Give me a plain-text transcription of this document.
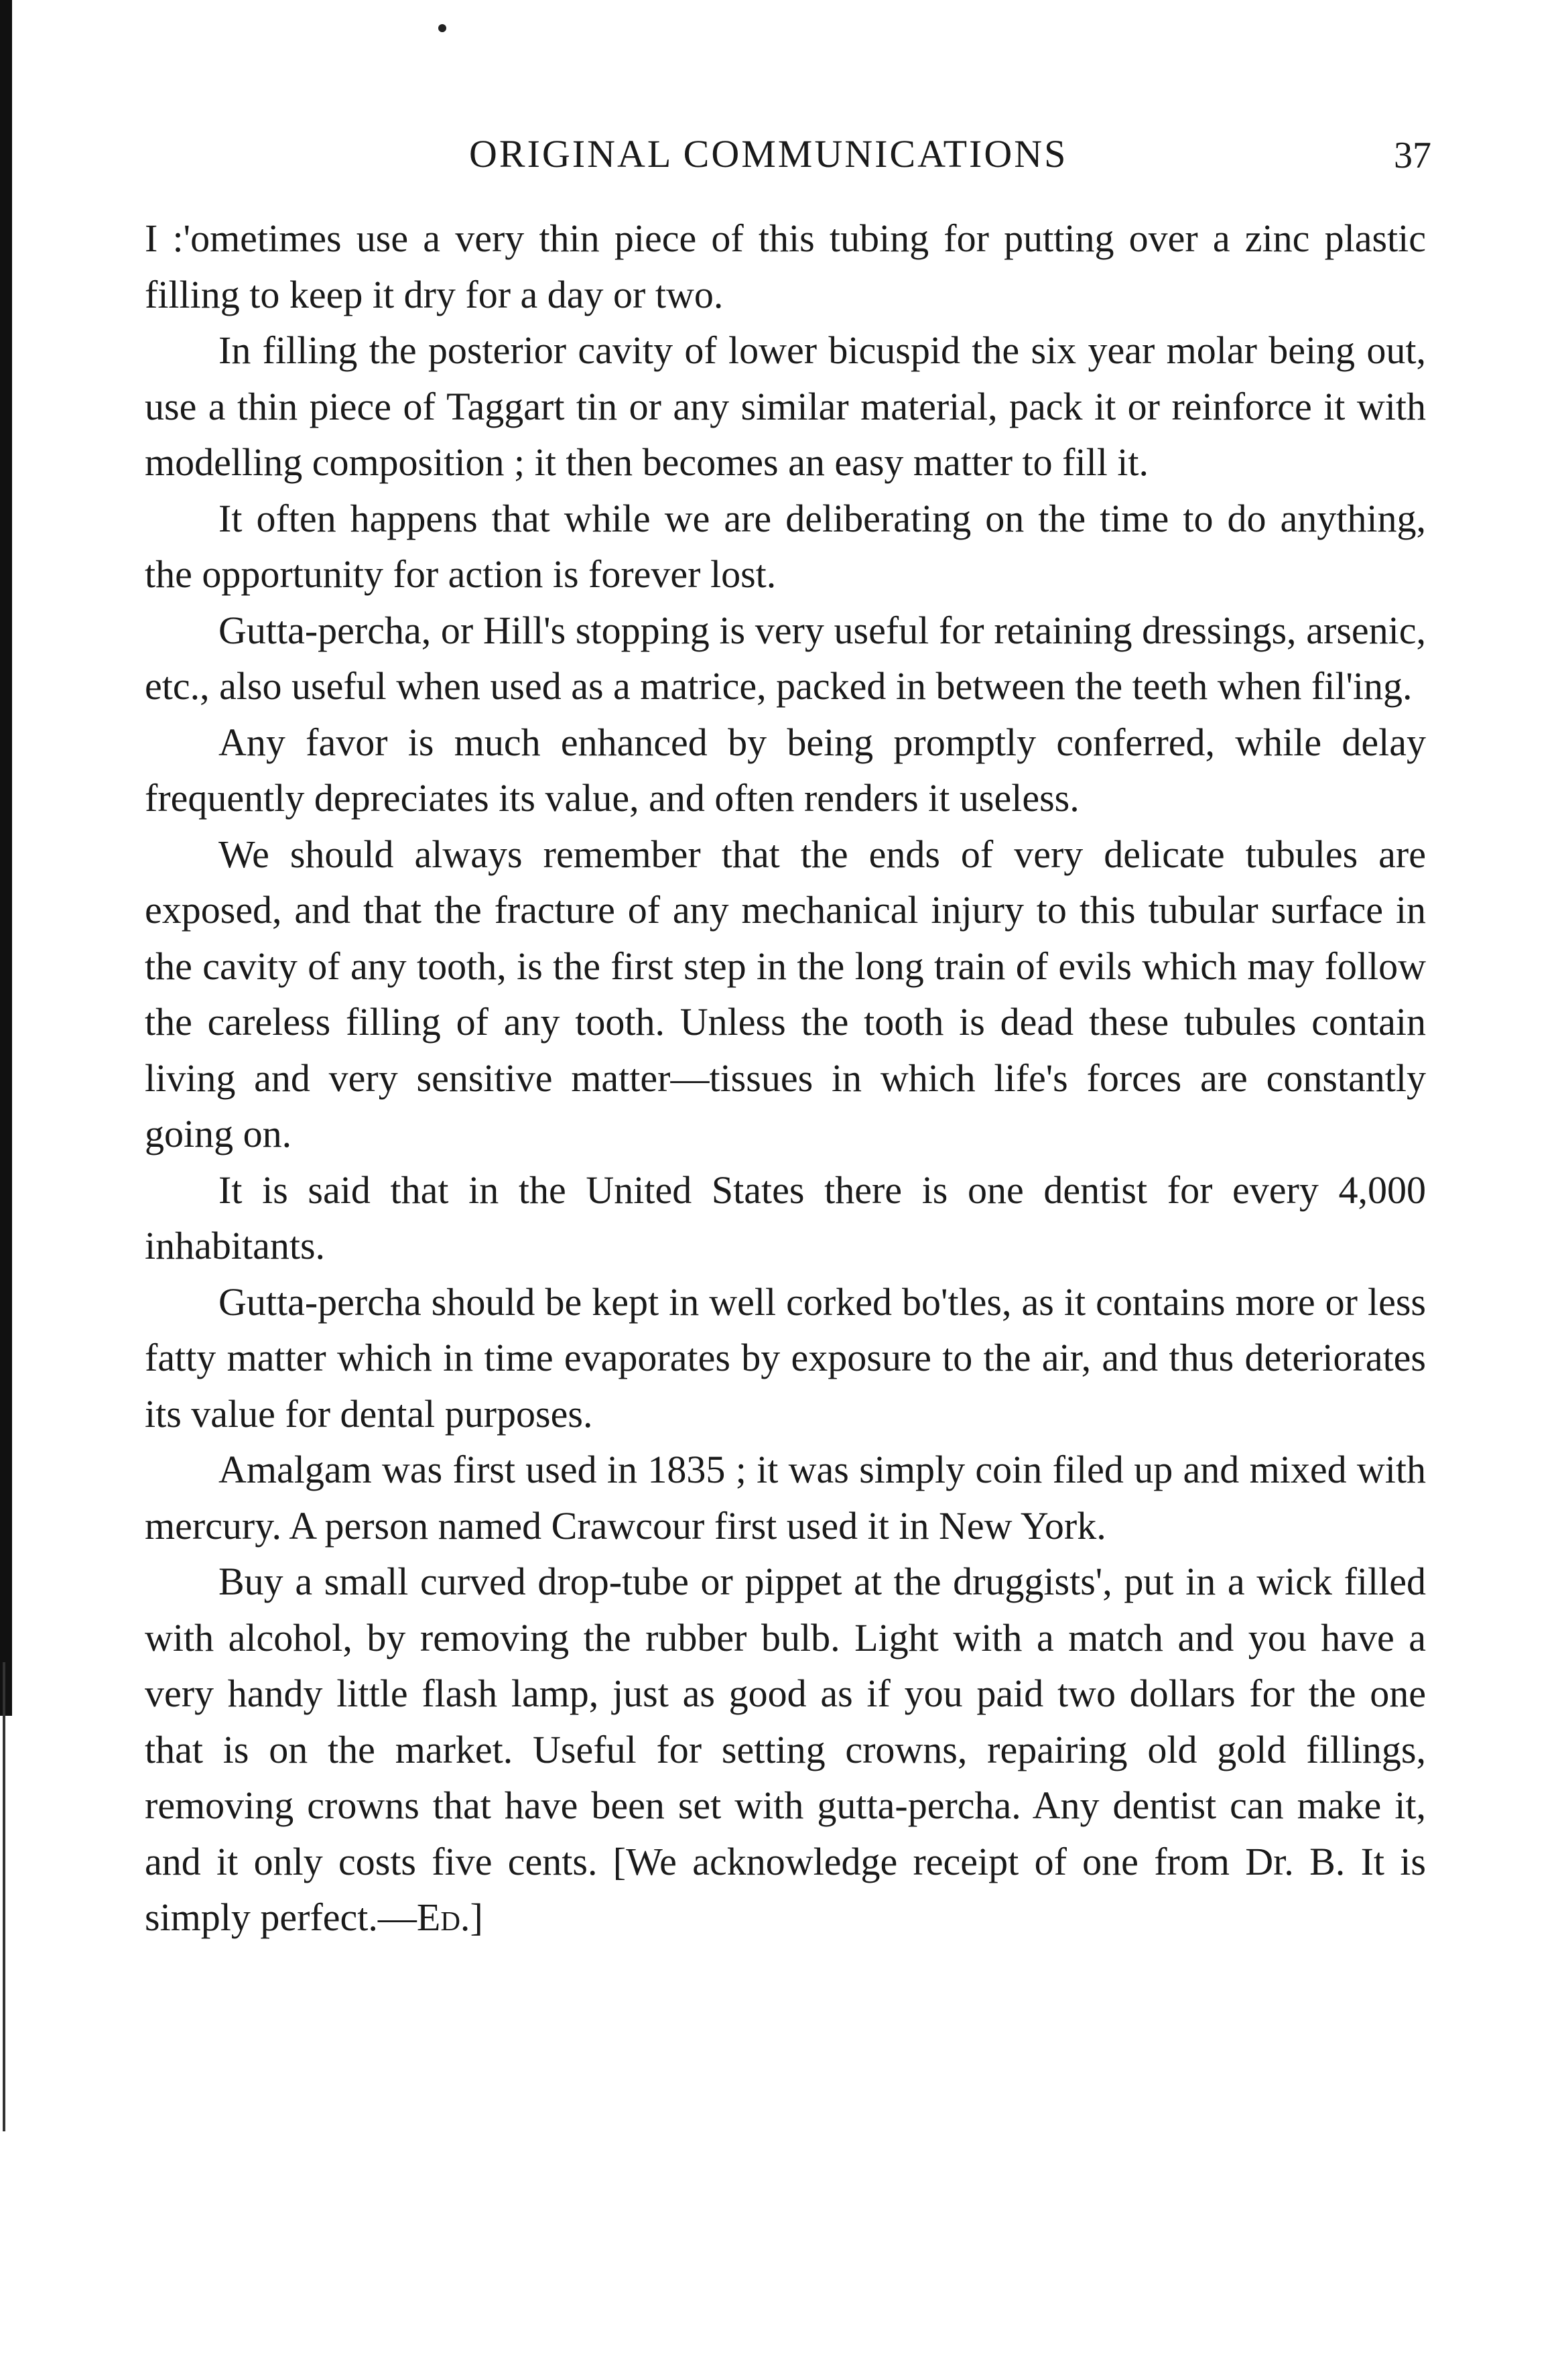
ORIGINAL COMMUNICATIONS	37

I :'ometimes use a very thin piece of this tubing for putting over a zinc plastic filling to keep it dry for a day or two.

In filling the posterior cavity of lower bicuspid the six year molar being out, use a thin piece of Taggart tin or any similar material, pack it or reinforce it with modelling composition ; it then becomes an easy matter to fill it.

It often happens that while we are deliberating on the time to do anything, the opportunity for action is forever lost.

Gutta-percha, or Hill's stopping is very useful for retaining dressings, arsenic, etc., also useful when used as a matrice, packed in between the teeth when fil'ing.

Any favor is much enhanced by being promptly conferred, while delay frequently depreciates its value, and often renders it useless.

We should always remember that the ends of very delicate tubules are exposed, and that the fracture of any mechanical injury to this tubular surface in the cavity of any tooth, is the first step in the long train of evils which may follow the careless filling of any tooth. Unless the tooth is dead these tubules contain living and very sensitive matter—tissues in which life's forces are constantly going on.

It is said that in the United States there is one dentist for every 4,000 inhabitants.

Gutta-percha should be kept in well corked bo'tles, as it contains more or less fatty matter which in time evaporates by exposure to the air, and thus deteriorates its value for dental purposes.

Amalgam was first used in 1835 ; it was simply coin filed up and mixed with mercury. A person named Crawcour first used it in New York.

Buy a small curved drop-tube or pippet at the druggists', put in a wick filled with alcohol, by removing the rubber bulb. Light with a match and you have a very handy little flash lamp, just as good as if you paid two dollars for the one that is on the market. Useful for setting crowns, repairing old gold fillings, removing crowns that have been set with gutta-percha. Any dentist can make it, and it only costs five cents. [We acknowledge receipt of one from Dr. B. It is simply perfect.—Ed.]
